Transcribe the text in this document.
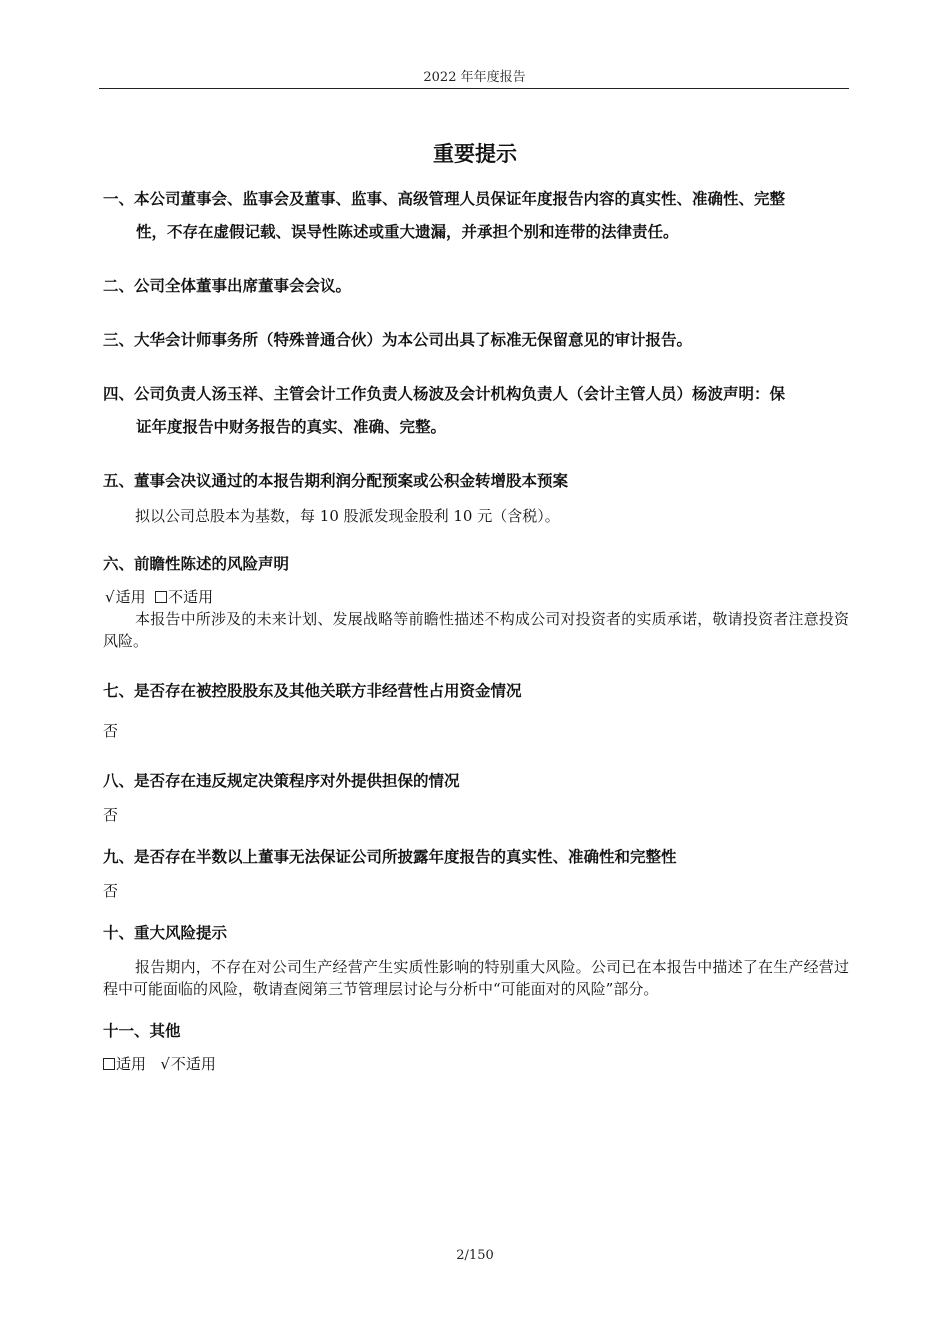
2022 年年度报告
重要提示
一、本公司董事会、监事会及董事、监事、高级管理人员保证年度报告内容的真实性、准确性、完整
性，不存在虚假记载、误导性陈述或重大遗漏，并承担个别和连带的法律责任。
二、公司全体董事出席董事会会议。
三、大华会计师事务所（特殊普通合伙）为本公司出具了标准无保留意见的审计报告。
四、公司负责人汤玉祥、主管会计工作负责人杨波及会计机构负责人（会计主管人员）杨波声明：保
证年度报告中财务报告的真实、准确、完整。
五、董事会决议通过的本报告期利润分配预案或公积金转增股本预案
拟以公司总股本为基数，每 10 股派发现金股利 10 元（含税）。
六、前瞻性陈述的风险声明
√适用 不适用
本报告中所涉及的未来计划、发展战略等前瞻性描述不构成公司对投资者的实质承诺，敬请投资者注意投资风险。
七、是否存在被控股股东及其他关联方非经营性占用资金情况
否
八、是否存在违反规定决策程序对外提供担保的情况
否
九、是否存在半数以上董事无法保证公司所披露年度报告的真实性、准确性和完整性
否
十、重大风险提示
报告期内，不存在对公司生产经营产生实质性影响的特别重大风险。公司已在本报告中描述了在生产经营过程中可能面临的风险，敬请查阅第三节管理层讨论与分析中“可能面对的风险”部分。
十一、其他
适用 √不适用
2/150
